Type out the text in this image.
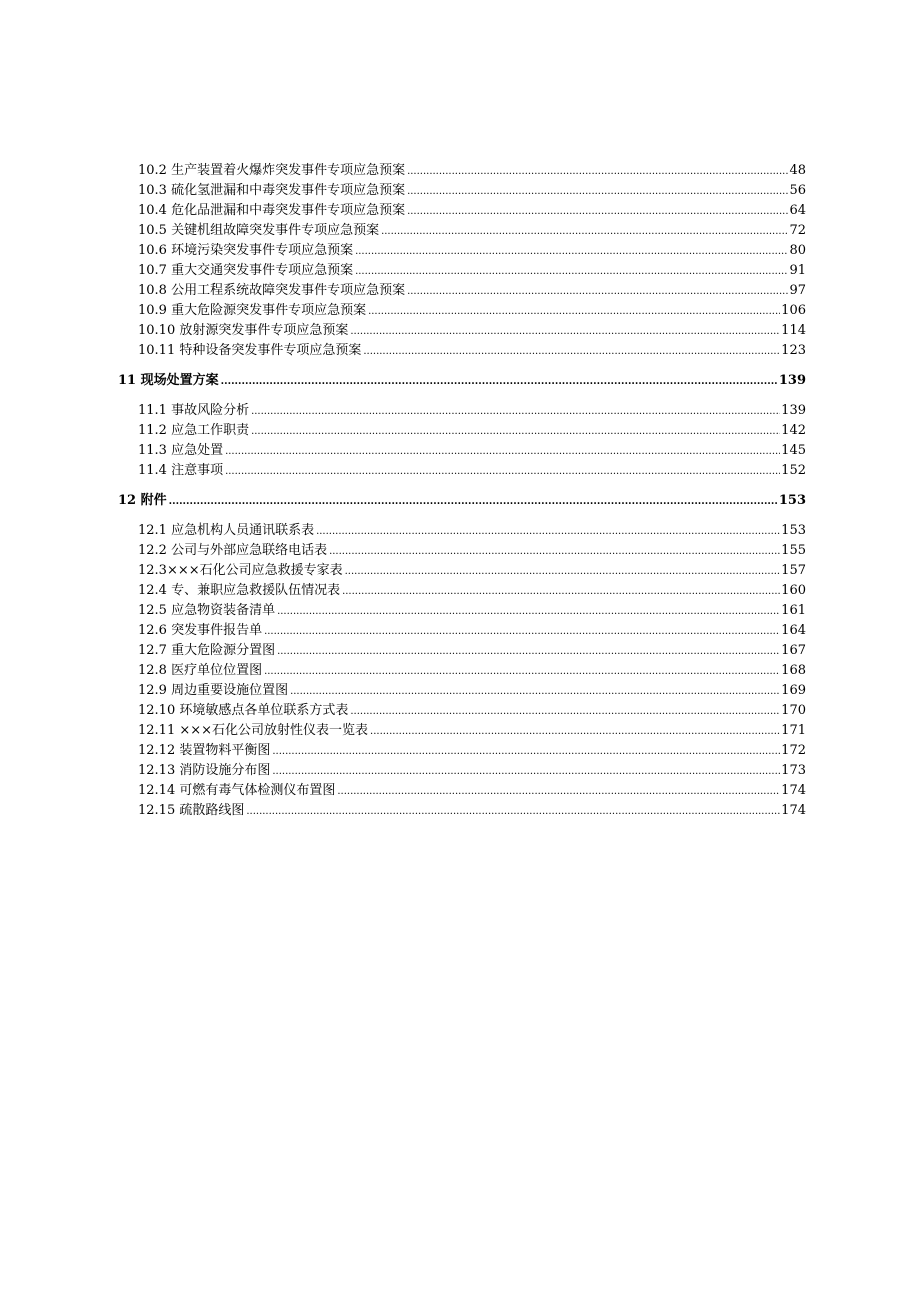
10.2 生产装置着火爆炸突发事件专项应急预案 .....	48
10.3 硫化氢泄漏和中毒突发事件专项应急预案 .....	56
10.4 危化品泄漏和中毒突发事件专项应急预案 .....	64
10.5 关键机组故障突发事件专项应急预案 .....	72
10.6 环境污染突发事件专项应急预案 .....	80
10.7 重大交通突发事件专项应急预案 .....	91
10.8 公用工程系统故障突发事件专项应急预案 .....	97
10.9 重大危险源突发事件专项应急预案 .....	106
10.10 放射源突发事件专项应急预案 .....	114
10.11 特种设备突发事件专项应急预案 .....	123
11 现场处置方案 .....	139
11.1 事故风险分析 .....	139
11.2 应急工作职责 .....	142
11.3 应急处置 .....	145
11.4 注意事项 .....	152
12 附件 .....	153
12.1 应急机构人员通讯联系表 .....	153
12.2 公司与外部应急联络电话表 .....	155
12.3×××石化公司应急救援专家表 .....	157
12.4 专、兼职应急救援队伍情况表 .....	160
12.5 应急物资装备清单 .....	161
12.6 突发事件报告单 .....	164
12.7 重大危险源分置图 .....	167
12.8 医疗单位位置图 .....	168
12.9 周边重要设施位置图 .....	169
12.10 环境敏感点各单位联系方式表 .....	170
12.11 ×××石化公司放射性仪表一览表 .....	171
12.12 装置物料平衡图 .....	172
12.13 消防设施分布图 .....	173
12.14 可燃有毒气体检测仪布置图 .....	174
12.15 疏散路线图 .....	174
